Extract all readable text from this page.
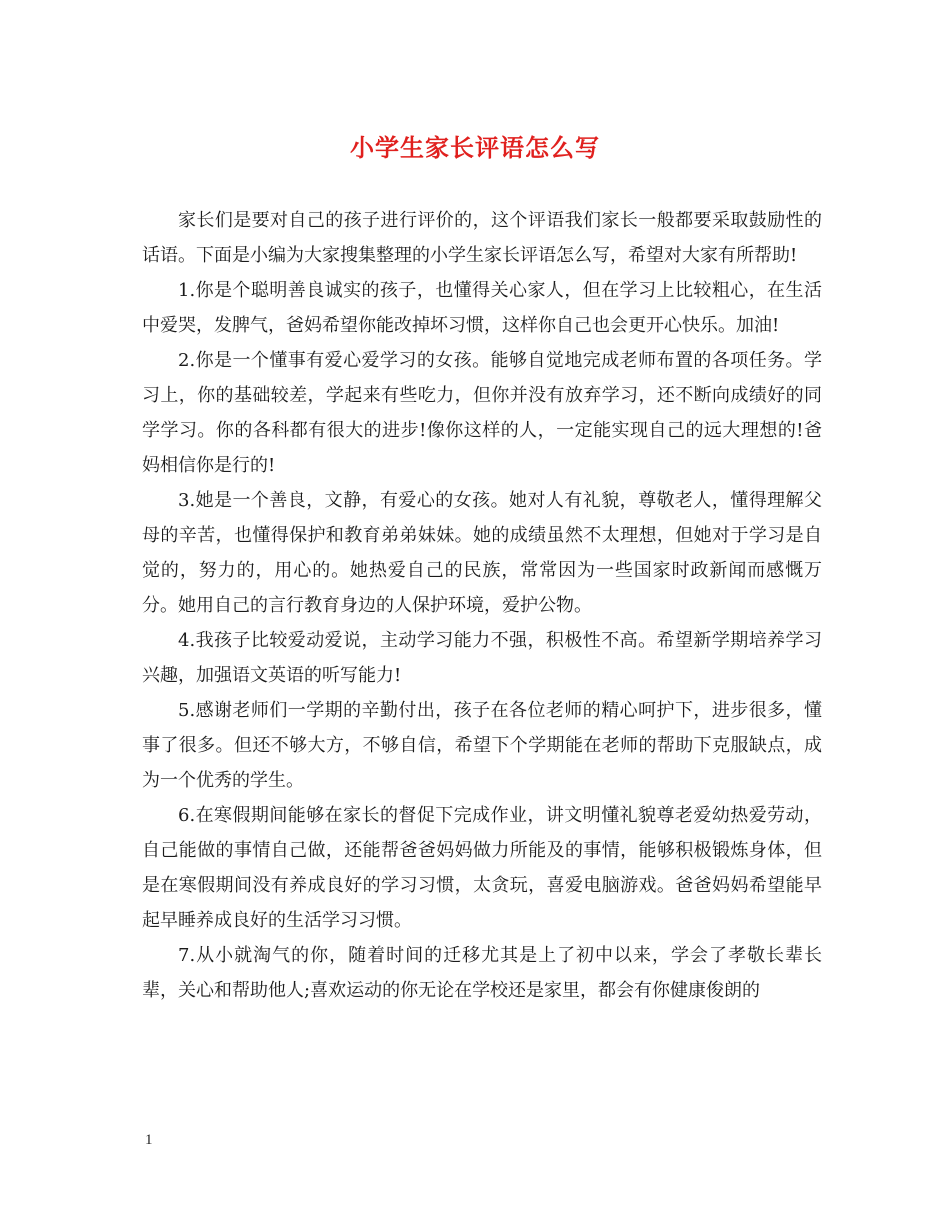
小学生家长评语怎么写

家长们是要对自己的孩子进行评价的，这个评语我们家长一般都要采取鼓励性的话语。下面是小编为大家搜集整理的小学生家长评语怎么写，希望对大家有所帮助!

1.你是个聪明善良诚实的孩子，也懂得关心家人，但在学习上比较粗心，在生活中爱哭，发脾气，爸妈希望你能改掉坏习惯，这样你自己也会更开心快乐。加油!

2.你是一个懂事有爱心爱学习的女孩。能够自觉地完成老师布置的各项任务。学习上，你的基础较差，学起来有些吃力，但你并没有放弃学习，还不断向成绩好的同学学习。你的各科都有很大的进步!像你这样的人，一定能实现自己的远大理想的!爸妈相信你是行的!

3.她是一个善良，文静，有爱心的女孩。她对人有礼貌，尊敬老人，懂得理解父母的辛苦，也懂得保护和教育弟弟妹妹。她的成绩虽然不太理想，但她对于学习是自觉的，努力的，用心的。她热爱自己的民族，常常因为一些国家时政新闻而感慨万分。她用自己的言行教育身边的人保护环境，爱护公物。

4.我孩子比较爱动爱说，主动学习能力不强，积极性不高。希望新学期培养学习兴趣，加强语文英语的听写能力!

5.感谢老师们一学期的辛勤付出，孩子在各位老师的精心呵护下，进步很多，懂事了很多。但还不够大方，不够自信，希望下个学期能在老师的帮助下克服缺点，成为一个优秀的学生。

6.在寒假期间能够在家长的督促下完成作业，讲文明懂礼貌尊老爱幼热爱劳动，自己能做的事情自己做，还能帮爸爸妈妈做力所能及的事情，能够积极锻炼身体，但是在寒假期间没有养成良好的学习习惯，太贪玩，喜爱电脑游戏。爸爸妈妈希望能早起早睡养成良好的生活学习习惯。

7.从小就淘气的你，随着时间的迁移尤其是上了初中以来，学会了孝敬长辈长辈，关心和帮助他人;喜欢运动的你无论在学校还是家里，都会有你健康俊朗的

1
